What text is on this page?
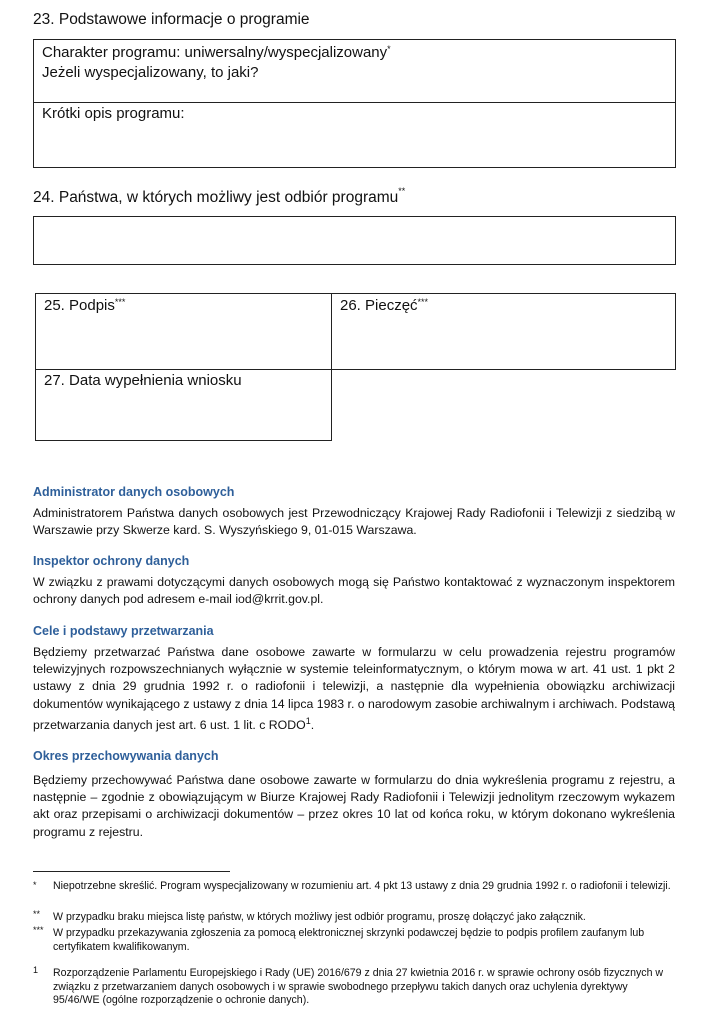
23. Podstawowe informacje o programie
Charakter programu: uniwersalny/wyspecjalizowany*
Jeżeli wyspecjalizowany, to jaki?
Krótki opis programu:
24. Państwa, w których możliwy jest odbiór programu**
25. Podpis***	26. Pieczęć***
27. Data wypełnienia wniosku
Administrator danych osobowych
Administratorem Państwa danych osobowych jest Przewodniczący Krajowej Rady Radiofonii i Telewizji z siedzibą w Warszawie przy Skwerze kard. S. Wyszyńskiego 9, 01-015 Warszawa.
Inspektor ochrony danych
W związku z prawami dotyczącymi danych osobowych mogą się Państwo kontaktować z wyznaczonym inspektorem ochrony danych pod adresem e-mail iod@krrit.gov.pl.
Cele i podstawy przetwarzania
Będziemy przetwarzać Państwa dane osobowe zawarte w formularzu w celu prowadzenia rejestru programów telewizyjnych rozpowszechnianych wyłącznie w systemie teleinformatycznym, o którym mowa w art. 41 ust. 1 pkt 2 ustawy z dnia 29 grudnia 1992 r. o radiofonii i telewizji, a następnie dla wypełnienia obowiązku archiwizacji dokumentów wynikającego z ustawy z dnia 14 lipca 1983 r. o narodowym zasobie archiwalnym i archiwach. Podstawą przetwarzania danych jest art. 6 ust. 1 lit. c RODO$^1$.
Okres przechowywania danych
Będziemy przechowywać Państwa dane osobowe zawarte w formularzu do dnia wykreślenia programu z rejestru, a następnie – zgodnie z obowiązującym w Biurze Krajowej Rady Radiofonii i Telewizji jednolitym rzeczowym wykazem akt oraz przepisami o archiwizacji dokumentów – przez okres 10 lat od końca roku, w którym dokonano wykreślenia programu z rejestru.
* Niepotrzebne skreślić. Program wyspecjalizowany w rozumieniu art. 4 pkt 13 ustawy z dnia 29 grudnia 1992 r. o radiofonii i telewizji.
** W przypadku braku miejsca listę państw, w których możliwy jest odbiór programu, proszę dołączyć jako załącznik.
*** W przypadku przekazywania zgłoszenia za pomocą elektronicznej skrzynki podawczej będzie to podpis profilem zaufanym lub certyfikatem kwalifikowanym.
1 Rozporządzenie Parlamentu Europejskiego i Rady (UE) 2016/679 z dnia 27 kwietnia 2016 r. w sprawie ochrony osób fizycznych w związku z przetwarzaniem danych osobowych i w sprawie swobodnego przepływu takich danych oraz uchylenia dyrektywy 95/46/WE (ogólne rozporządzenie o ochronie danych).
